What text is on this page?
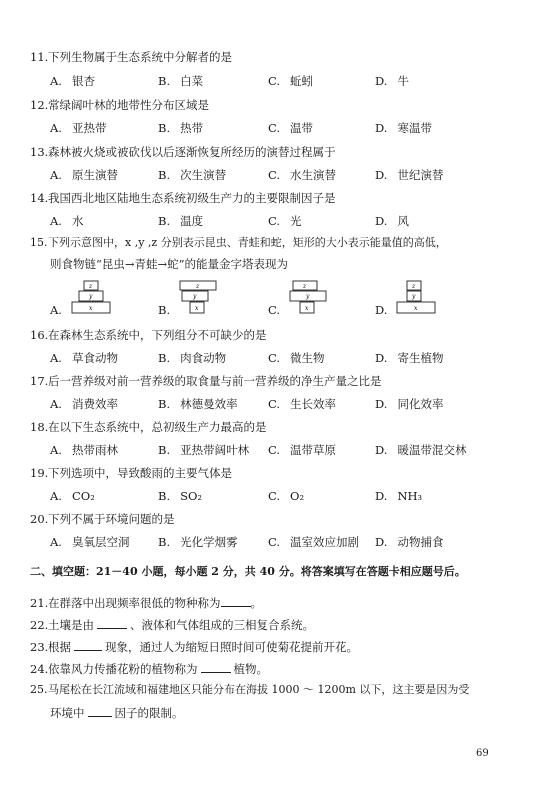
11.下列生物属于生态系统中分解者的是
A. 银杏	B. 白菜	C. 蚯蚓	D. 牛
12.常绿阔叶林的地带性分布区域是
A. 亚热带	B. 热带	C. 温带	D. 寒温带
13.森林被火烧或被砍伐以后逐渐恢复所经历的演替过程属于
A. 原生演替	B. 次生演替	C. 水生演替	D. 世纪演替
14.我国西北地区陆地生态系统初级生产力的主要限制因子是
A. 水	B. 温度	C. 光	D. 风
15.下列示意图中，x ,y ,z 分别表示昆虫、青蛙和蛇，矩形的大小表示能量值的高低，
则食物链“昆虫→青蛙→蛇”的能量金字塔表现为
A.	B.	C.	D.
z
y
x
z
y
x
z
y
x
z
y
x
16.在森林生态系统中，下列组分不可缺少的是
A. 草食动物	B. 肉食动物	C. 微生物	D. 寄生植物
17.后一营养级对前一营养级的取食量与前一营养级的净生产量之比是
A. 消费效率	B. 林德曼效率	C. 生长效率	D. 同化效率
18.在以下生态系统中，总初级生产力最高的是
A. 热带雨林	B. 亚热带阔叶林 C. 温带草原	D. 暖温带混交林
19.下列选项中，导致酸雨的主要气体是
A. CO₂	B. SO₂	C. O₂	D. NH₃
20.下列不属于环境问题的是
A. 臭氧层空洞 B. 光化学烟雾	C. 温室效应加剧 D. 动物捕食
二、填空题：21－40 小题，每小题 2 分，共 40 分。将答案填写在答题卡相应题号后。
21.在群落中出现频率很低的物种称为	。
22.土壤是由	、液体和气体组成的三相复合系统。
23.根据	现象，通过人为缩短日照时间可使菊花提前开花。
24.依靠风力传播花粉的植物称为	植物。
25.马尾松在长江流域和福建地区只能分布在海拔 1000 ～ 1200m 以下，这主要是因为受
环境中	因子的限制。
69
